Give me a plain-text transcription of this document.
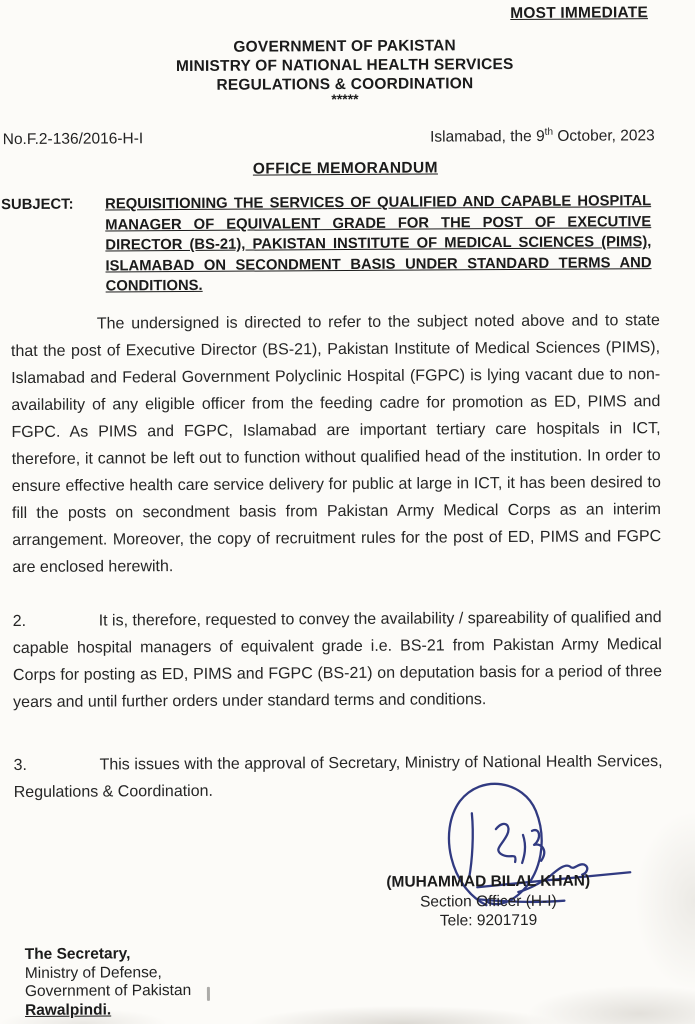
MOST IMMEDIATE
GOVERNMENT OF PAKISTAN
MINISTRY OF NATIONAL HEALTH SERVICES
REGULATIONS & COORDINATION
*****
No.F.2-136/2016-H-I	Islamabad, the 9th October, 2023
OFFICE MEMORANDUM
SUBJECT:	REQUISITIONING THE SERVICES OF QUALIFIED AND CAPABLE HOSPITAL MANAGER OF EQUIVALENT GRADE FOR THE POST OF EXECUTIVE DIRECTOR (BS-21), PAKISTAN INSTITUTE OF MEDICAL SCIENCES (PIMS), ISLAMABAD ON SECONDMENT BASIS UNDER STANDARD TERMS AND CONDITIONS.

The undersigned is directed to refer to the subject noted above and to state that the post of Executive Director (BS-21), Pakistan Institute of Medical Sciences (PIMS), Islamabad and Federal Government Polyclinic Hospital (FGPC) is lying vacant due to non-availability of any eligible officer from the feeding cadre for promotion as ED, PIMS and FGPC. As PIMS and FGPC, Islamabad are important tertiary care hospitals in ICT, therefore, it cannot be left out to function without qualified head of the institution. In order to ensure effective health care service delivery for public at large in ICT, it has been desired to fill the posts on secondment basis from Pakistan Army Medical Corps as an interim arrangement. Moreover, the copy of recruitment rules for the post of ED, PIMS and FGPC are enclosed herewith.

2.	It is, therefore, requested to convey the availability / spareability of qualified and capable hospital managers of equivalent grade i.e. BS-21 from Pakistan Army Medical Corps for posting as ED, PIMS and FGPC (BS-21) on deputation basis for a period of three years and until further orders under standard terms and conditions.

3.	This issues with the approval of Secretary, Ministry of National Health Services, Regulations & Coordination.

(MUHAMMAD BILAL KHAN)
Section Officer (H-I)
Tele: 9201719
The Secretary,
Ministry of Defense,
Government of Pakistan
Rawalpindi.
